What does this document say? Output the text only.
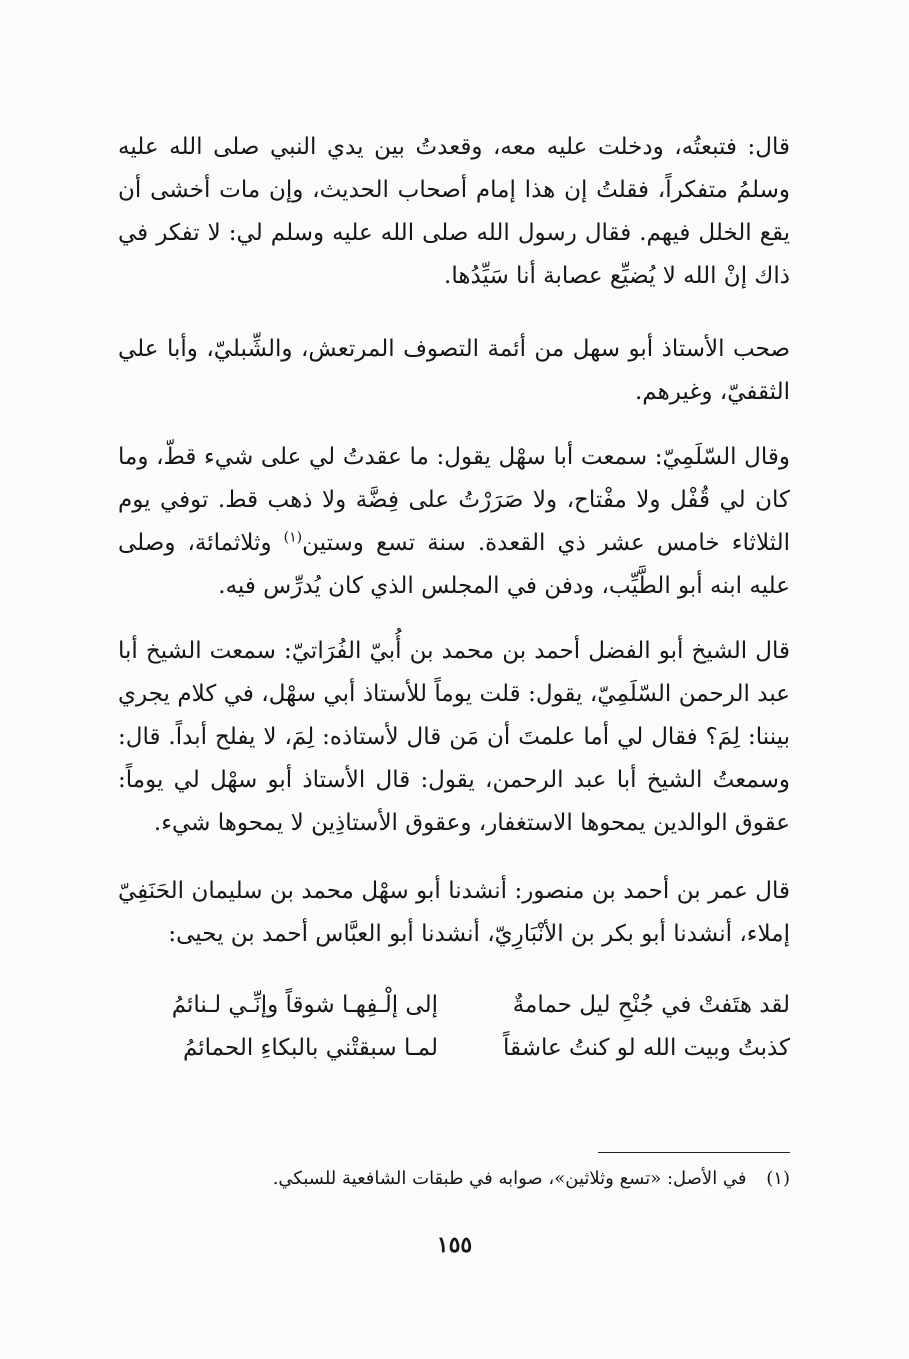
قال: فتبعتُه، ودخلت عليه معه، وقعدتُ بين يدي النبي صلى الله عليه وسلمُ متفكراً، فقلتُ إن هذا إمام أصحاب الحديث، وإن مات أخشى أن يقع الخلل فيهم. فقال رسول الله صلى الله عليه وسلم لي: لا تفكر في ذاك إنْ الله لا يُضيِّع عصابة أنا سَيِّدُها.

صحب الأستاذ أبو سهل من أئمة التصوف المرتعش، والشِّبليّ، وأبا علي الثقفيّ، وغيرهم.

وقال السّلَمِيّ: سمعت أبا سهْل يقول: ما عقدتُ لي على شيء قطّ، وما كان لي قُفْل ولا مفْتاح، ولا صَرَرْتُ على فِضَّة ولا ذهب قط. توفي يوم الثلاثاء خامس عشر ذي القعدة. سنة تسع وستين$^{(١)}$ وثلاثمائة، وصلى عليه ابنه أبو الطَّيِّب، ودفن في المجلس الذي كان يُدرِّس فيه.

قال الشيخ أبو الفضل أحمد بن محمد بن أُبيّ الفُرَاتيّ: سمعت الشيخ أبا عبد الرحمن السّلَمِيّ، يقول: قلت يوماً للأستاذ أبي سهْل، في كلام يجري بيننا: لِمَ؟ فقال لي أما علمتَ أن مَن قال لأستاذه: لِمَ، لا يفلح أبداً. قال: وسمعتُ الشيخ أبا عبد الرحمن، يقول: قال الأستاذ أبو سهْل لي يوماً: عقوق الوالدين يمحوها الاستغفار، وعقوق الأستاذِين لا يمحوها شيء.

قال عمر بن أحمد بن منصور: أنشدنا أبو سهْل محمد بن سليمان الحَنَفِيّ إملاء، أنشدنا أبو بكر بن الأنْبَارِيّ، أنشدنا أبو العبَّاس أحمد بن يحيى:

لقد هتَفتْ في جُنْحِ ليل حمامةٌ
إلى إلْـفِهـا شوقاً وإنِّـي لـنائمُ
كذبتُ وبيت الله لو كنتُ عاشقاً
لمـا سبقتْني بالبكاءِ الحمائمُ

(١) في الأصل: «تسع وثلاثين»، صوابه في طبقات الشافعية للسبكي.

١٥٥
